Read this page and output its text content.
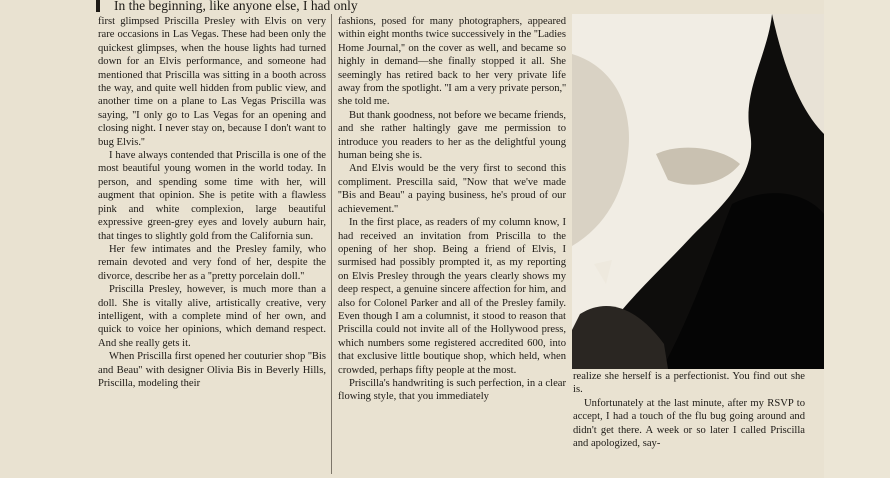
In the beginning, like anyone else, I had only

first glimpsed Priscilla Presley with Elvis on very rare occasions in Las Vegas. These had been only the quickest glimpses, when the house lights had turned down for an Elvis performance, and someone had mentioned that Priscilla was sitting in a booth across the way, and quite well hidden from public view, and another time on a plane to Las Vegas Priscilla was saying, ''I only go to Las Vegas for an opening and closing night. I never stay on, because I don't want to bug Elvis.''

I have always contended that Priscilla is one of the most beautiful young women in the world today. In person, and spending some time with her, will augment that opinion. She is petite with a flawless pink and white complexion, large beautiful expressive green-grey eyes and lovely auburn hair, that tinges to slightly gold from the California sun.

Her few intimates and the Presley family, who remain devoted and very fond of her, despite the divorce, describe her as a ''pretty porcelain doll.''

Priscilla Presley, however, is much more than a doll. She is vitally alive, artistically creative, very intelligent, with a complete mind of her own, and quick to voice her opinions, which demand respect. And she really gets it.

When Priscilla first opened her couturier shop ''Bis and Beau'' with designer Olivia Bis in Beverly Hills, Priscilla, modeling their

fashions, posed for many photographers, appeared within eight months twice successively in the ''Ladies Home Journal,'' on the cover as well, and became so highly in demand—she finally stopped it all. She seemingly has retired back to her very private life away from the spotlight. ''I am a very private person,'' she told me.

But thank goodness, not before we became friends, and she rather haltingly gave me permission to introduce you readers to her as the delightful young human being she is.

And Elvis would be the very first to second this compliment. Prescilla said, ''Now that we've made ''Bis and Beau'' a paying business, he's proud of our achievement.''

In the first place, as readers of my column know, I had received an invitation from Priscilla to the opening of her shop. Being a friend of Elvis, I surmised had possibly prompted it, as my reporting on Elvis Presley through the years clearly shows my deep respect, a genuine sincere affection for him, and also for Colonel Parker and all of the Presley family. Even though I am a columnist, it stood to reason that Priscilla could not invite all of the Hollywood press, which numbers some registered accredited 600, into that exclusive little boutique shop, which held, when crowded, perhaps fifty people at the most.

Priscilla's handwriting is such perfection, in a clear flowing style, that you immediately

realize she herself is a perfectionist. You find out she is.

Unfortunately at the last minute, after my RSVP to accept, I had a touch of the flu bug going around and didn't get there. A week or so later I called Priscilla and apologized, say-
